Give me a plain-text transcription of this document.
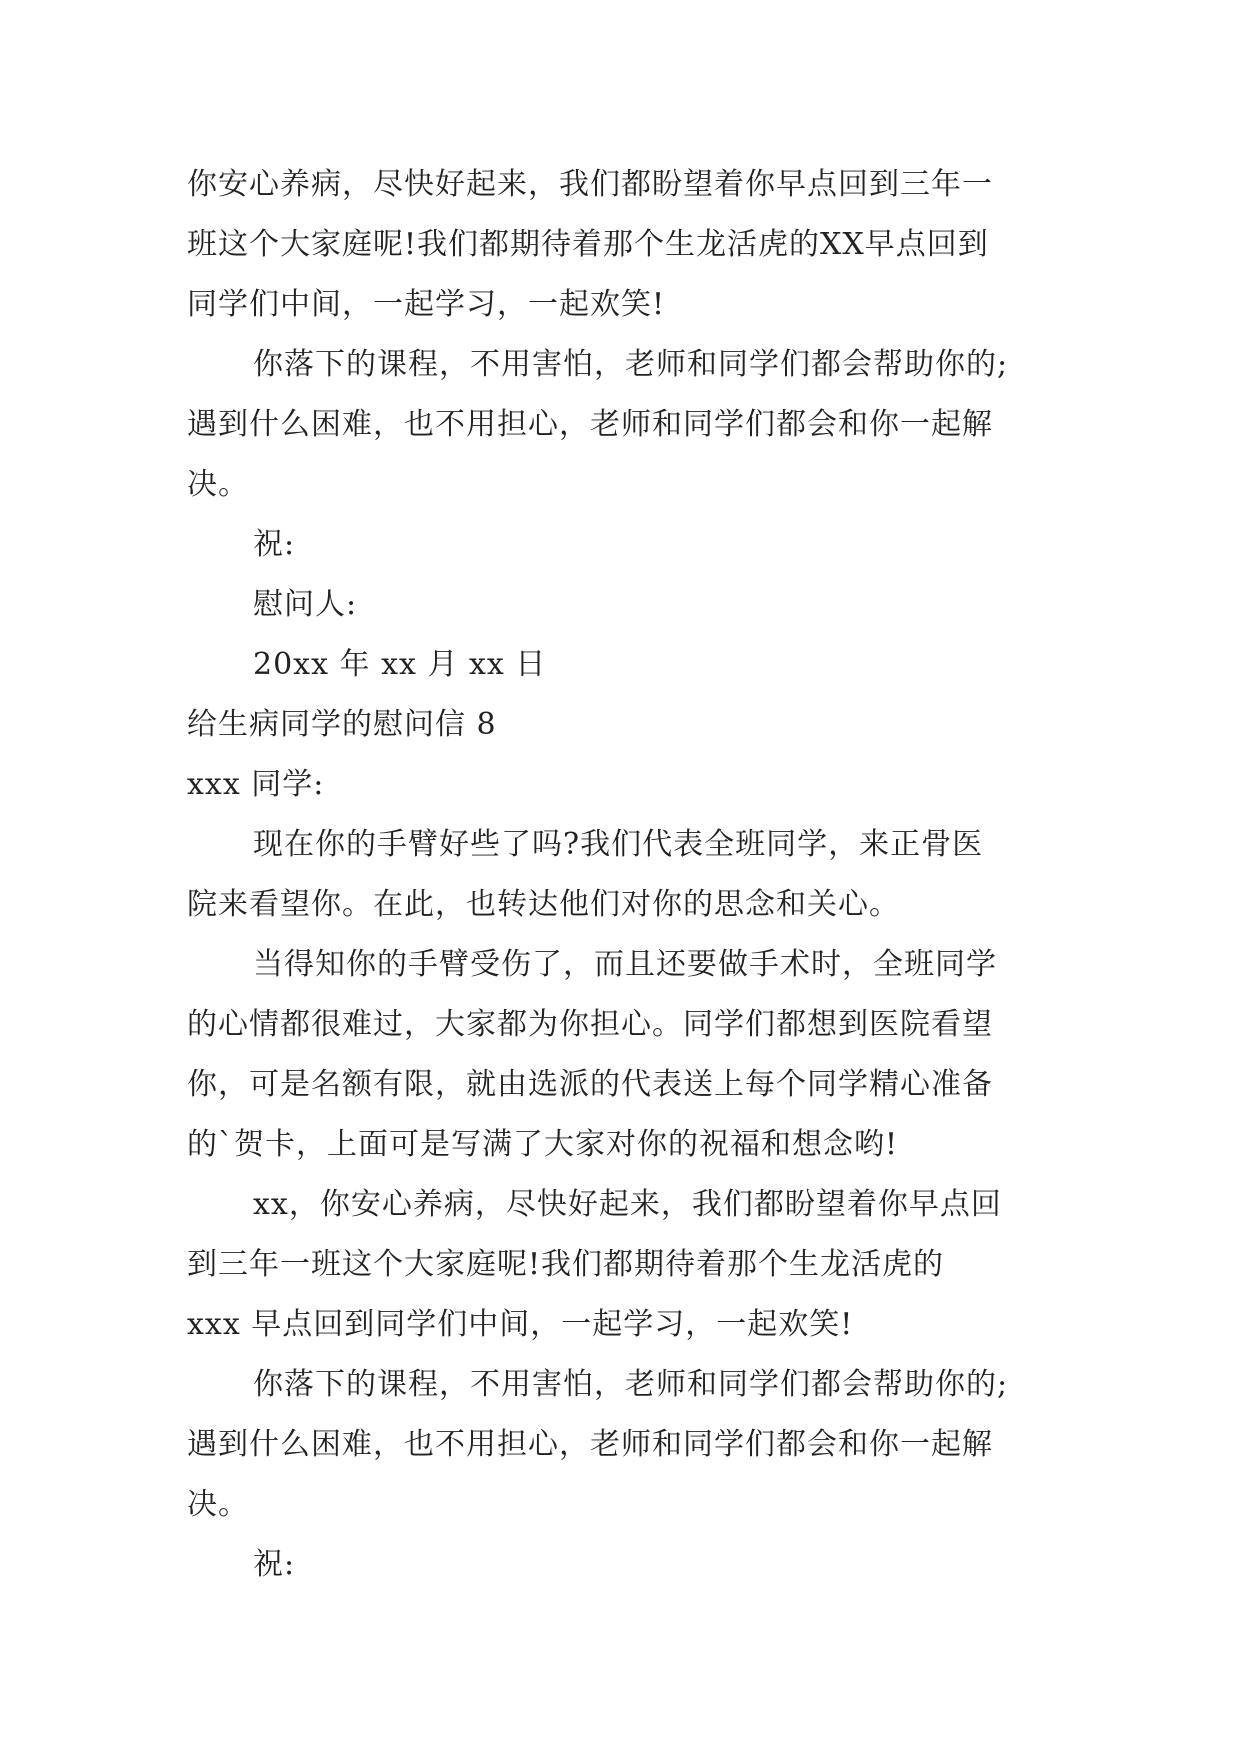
你安心养病，尽快好起来，我们都盼望着你早点回到三年一

班这个大家庭呢!我们都期待着那个生龙活虎的XX早点回到

同学们中间，一起学习，一起欢笑!

你落下的课程，不用害怕，老师和同学们都会帮助你的;

遇到什么困难，也不用担心，老师和同学们都会和你一起解

决。

祝:

慰问人:

20xx 年 xx 月 xx 日

给生病同学的慰问信 8

xxx 同学:

现在你的手臂好些了吗?我们代表全班同学，来正骨医

院来看望你。在此，也转达他们对你的思念和关心。

当得知你的手臂受伤了，而且还要做手术时，全班同学

的心情都很难过，大家都为你担心。同学们都想到医院看望

你，可是名额有限，就由选派的代表送上每个同学精心准备

的`贺卡，上面可是写满了大家对你的祝福和想念哟!

xx，你安心养病，尽快好起来，我们都盼望着你早点回

到三年一班这个大家庭呢!我们都期待着那个生龙活虎的

xxx 早点回到同学们中间，一起学习，一起欢笑!

你落下的课程，不用害怕，老师和同学们都会帮助你的;

遇到什么困难，也不用担心，老师和同学们都会和你一起解

决。

祝:
